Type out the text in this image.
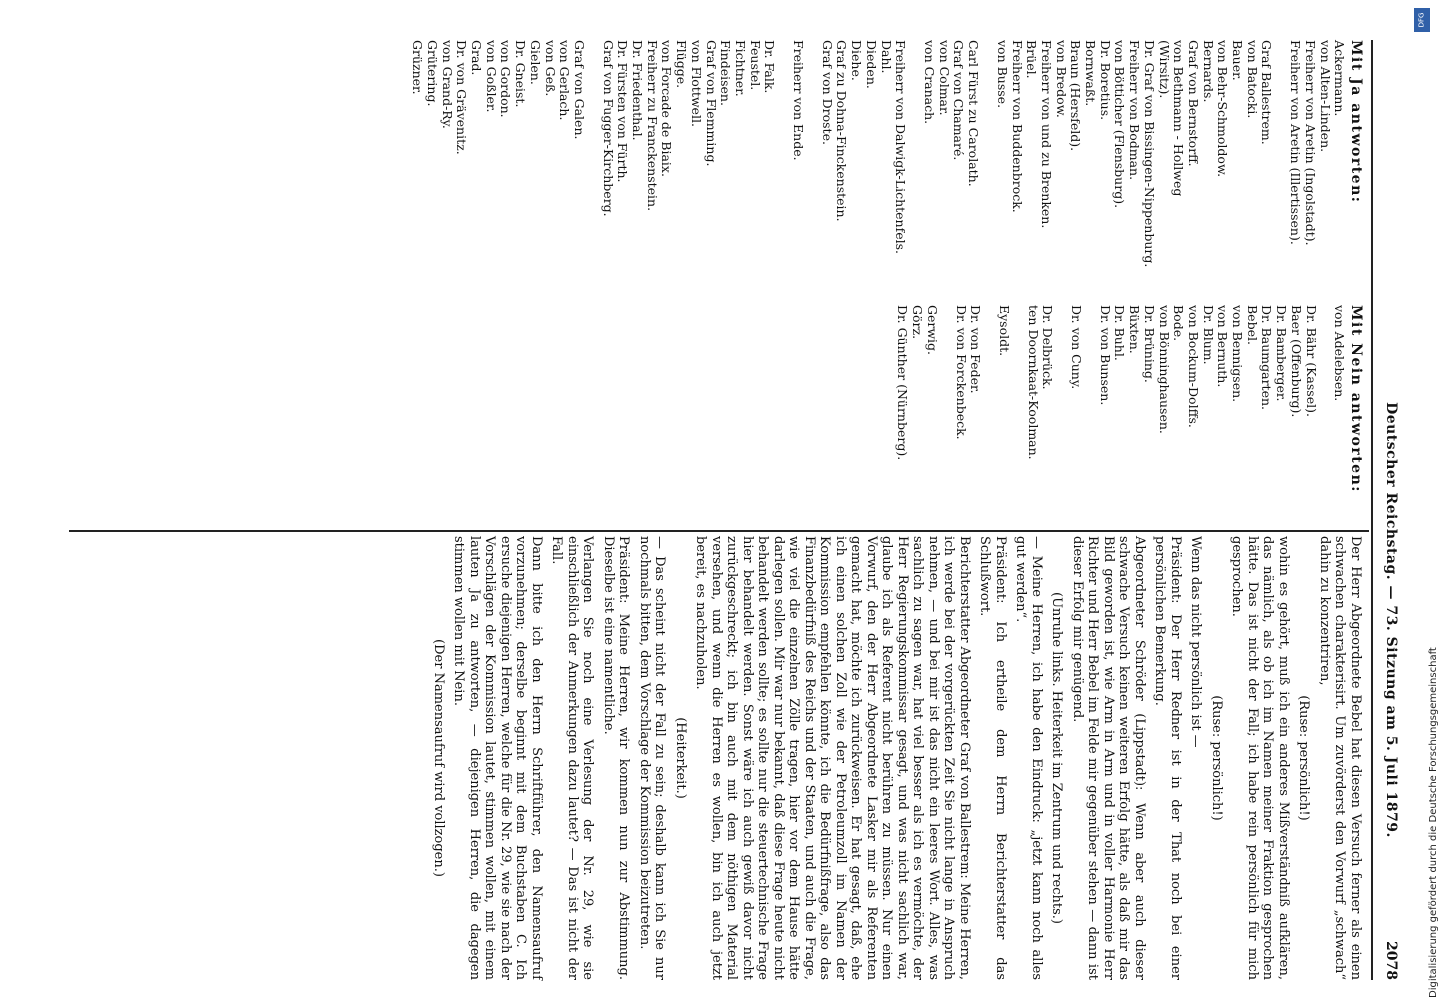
Deutscher Reichstag. — 73. Sitzung am 5. Juli 1879.
2078

Der Herr Abgeordnete Bebel hat diesen Versuch ferner als einen schwachen charakterisirt. Um zuvörderst den Vorwurf „schwach“ dahin zu konzentriren,

(Ruse: persönlich!)

wohin es gehört, muß ich ein anderes Mißverständniß aufklären, das nämlich, als ob ich im Namen meiner Fraktion gesprochen hätte. Das ist nicht der Fall; ich habe rein persönlich für mich gesprochen.

(Ruse: persönlich!)

Wenn das nicht persönlich ist —

Präsident: Der Herr Redner ist in der That noch bei einer persönlichen Bemerkung.

Abgeordneter Schröder (Lippstadt): Wenn aber auch dieser schwache Versuch keinen weiteren Erfolg hätte, als daß mir das Bild geworden ist, wie Arm in Arm und in voller Harmonie Herr Richter und Herr Bebel im Felde mir gegenüber stehen — dann ist dieser Erfolg mir genügend.

(Unruhe links. Heiterkeit im Zentrum und rechts.)

— Meine Herren, ich habe den Eindruck: „jetzt kann noch alles gut werden“.

Präsident: Ich ertheile dem Herrn Berichterstatter das Schlußwort.

Berichterstatter Abgeordneter Graf von Ballestrem: Meine Herren, ich werde bei der vorgerückten Zeit Sie nicht lange in Anspruch nehmen, — und bei mir ist das nicht ein leeres Wort. Alles, was sachlich zu sagen war, hat viel besser als ich es vermöchte, der Herr Regierungskommissar gesagt, und was nicht sachlich war, glaube ich als Referent nicht berühren zu müssen. Nur einen Vorwurf, den der Herr Abgeordnete Lasker mir als Referenten gemacht hat, möchte ich zurückweisen. Er hat gesagt, daß, ehe ich einen solchen Zoll wie der Petroleumzoll im Namen der Kommission empfehlen könnte, ich die Bedürfnißfrage, also das Finanzbedürfniß des Reichs und der Staaten, und auch die Frage, wie viel die einzelnen Zölle tragen, hier vor dem Hause hätte darlegen sollen. Mir war nur bekannt, daß diese Frage heute nicht behandelt werden sollte; es sollte nur die steuertechnische Frage hier behandelt werden. Sonst wäre ich auch gewiß davor nicht zurückgeschreckt; ich bin auch mit dem nöthigen Material versehen, und wenn die Herren es wollen, bin ich auch jetzt bereit, es nachzuholen.

(Heiterkeit.)

— Das scheint nicht der Fall zu sein; deshalb kann ich Sie nur nochmals bitten, dem Vorschlage der Kommission beizutreten.

Präsident: Meine Herren, wir kommen nun zur Abstimmung. Dieselbe ist eine namentliche.

Verlangen Sie noch eine Verlesung der Nr. 29, wie sie einschließlich der Anmerkungen dazu lautet? — Das ist nicht der Fall.

Dann bitte ich den Herrn Schriftführer, den Namensaufruf vorzunehmen; derselbe beginnt mit dem Buchstaben C. Ich ersuche diejenigen Herren, welche für die Nr. 29, wie sie nach der Vorschlägen der Kommission lautet, stimmen wollen, mit einem lauten Ja zu antworten, — diejenigen Herren, die dagegen stimmen wollen mit Nein.

(Der Namensaufruf wird vollzogen.)

Mit Ja antworten:
Ackermann.
von Alten-Linden.
Freiherr von Aretin (Ingolstadt).
Freiherr von Aretin (Illertissen).
Graf Ballestrem.
von Batocki.
Bauer.
von Behr-Schmoldow.
Bernards.
Graf von Bernstorff.
von Bethmann - Hollweg
(Wirsitz).
Dr. Graf von Bissingen-Nippenburg.
Freiherr von Bodman.
von Bötticher (Flensburg).
Dr. Boretius.
Bornwaßt.
Braun (Hersfeld).
von Bredow.
Freiherr von und zu Brenken.
Brüel.
Freiherr von Buddenbrock.
von Busse.
Carl Fürst zu Carolath.
Graf von Chamaré.
von Colmar.
von Cranach.
Freiherr von Dalwigk-Lichtenfels.
Dahl.
Dieden.
Diehe.
Graf zu Dohna-Finckenstein.
Graf von Droste.
Freiherr von Ende.
Dr. Falk.
Feustel.
Fichtner.
Findeisen.
Graf von Flemming.
von Flottwell.
Flügge.
von Forcade de Biaix.
Freiherr zu Franckenstein.
Dr. Friedenthal.
Dr. Fürsten von Fürth.
Graf von Fugger-Kirchberg.
Graf von Galen.
von Gerlach.
von Geß.
Gielen.
Dr. Gneist.
von Gordon.
von Goßler.
Grad.
Dr. von Grävenitz.
von Grand-Ry.
Grütering.
Grüzner.
Mit Nein antworten:
von Adelebsen.
Dr. Bähr (Kassel).
Baer (Offenburg).
Dr. Bamberger.
Dr. Baumgarten.
Bebel.
von Bennigsen.
von Bernuth.
Dr. Blum.
von Bockum-Dolffs.
Bode.
von Bönninghausen.
Dr. Brüning.
Büxten.
Dr. Buhl.
Dr. von Bunsen.
Dr. von Cuny.
Dr. Delbrück.
ten Doornkaat-Koolman.
Eysoldt.
Dr. von Feder.
Dr. von Forckenbeck.
Gerwig.
Görz.
Dr. Günther (Nürnberg).
DFG
Digitalisierung gefördert durch die Deutsche Forschungsgemeinschaft
